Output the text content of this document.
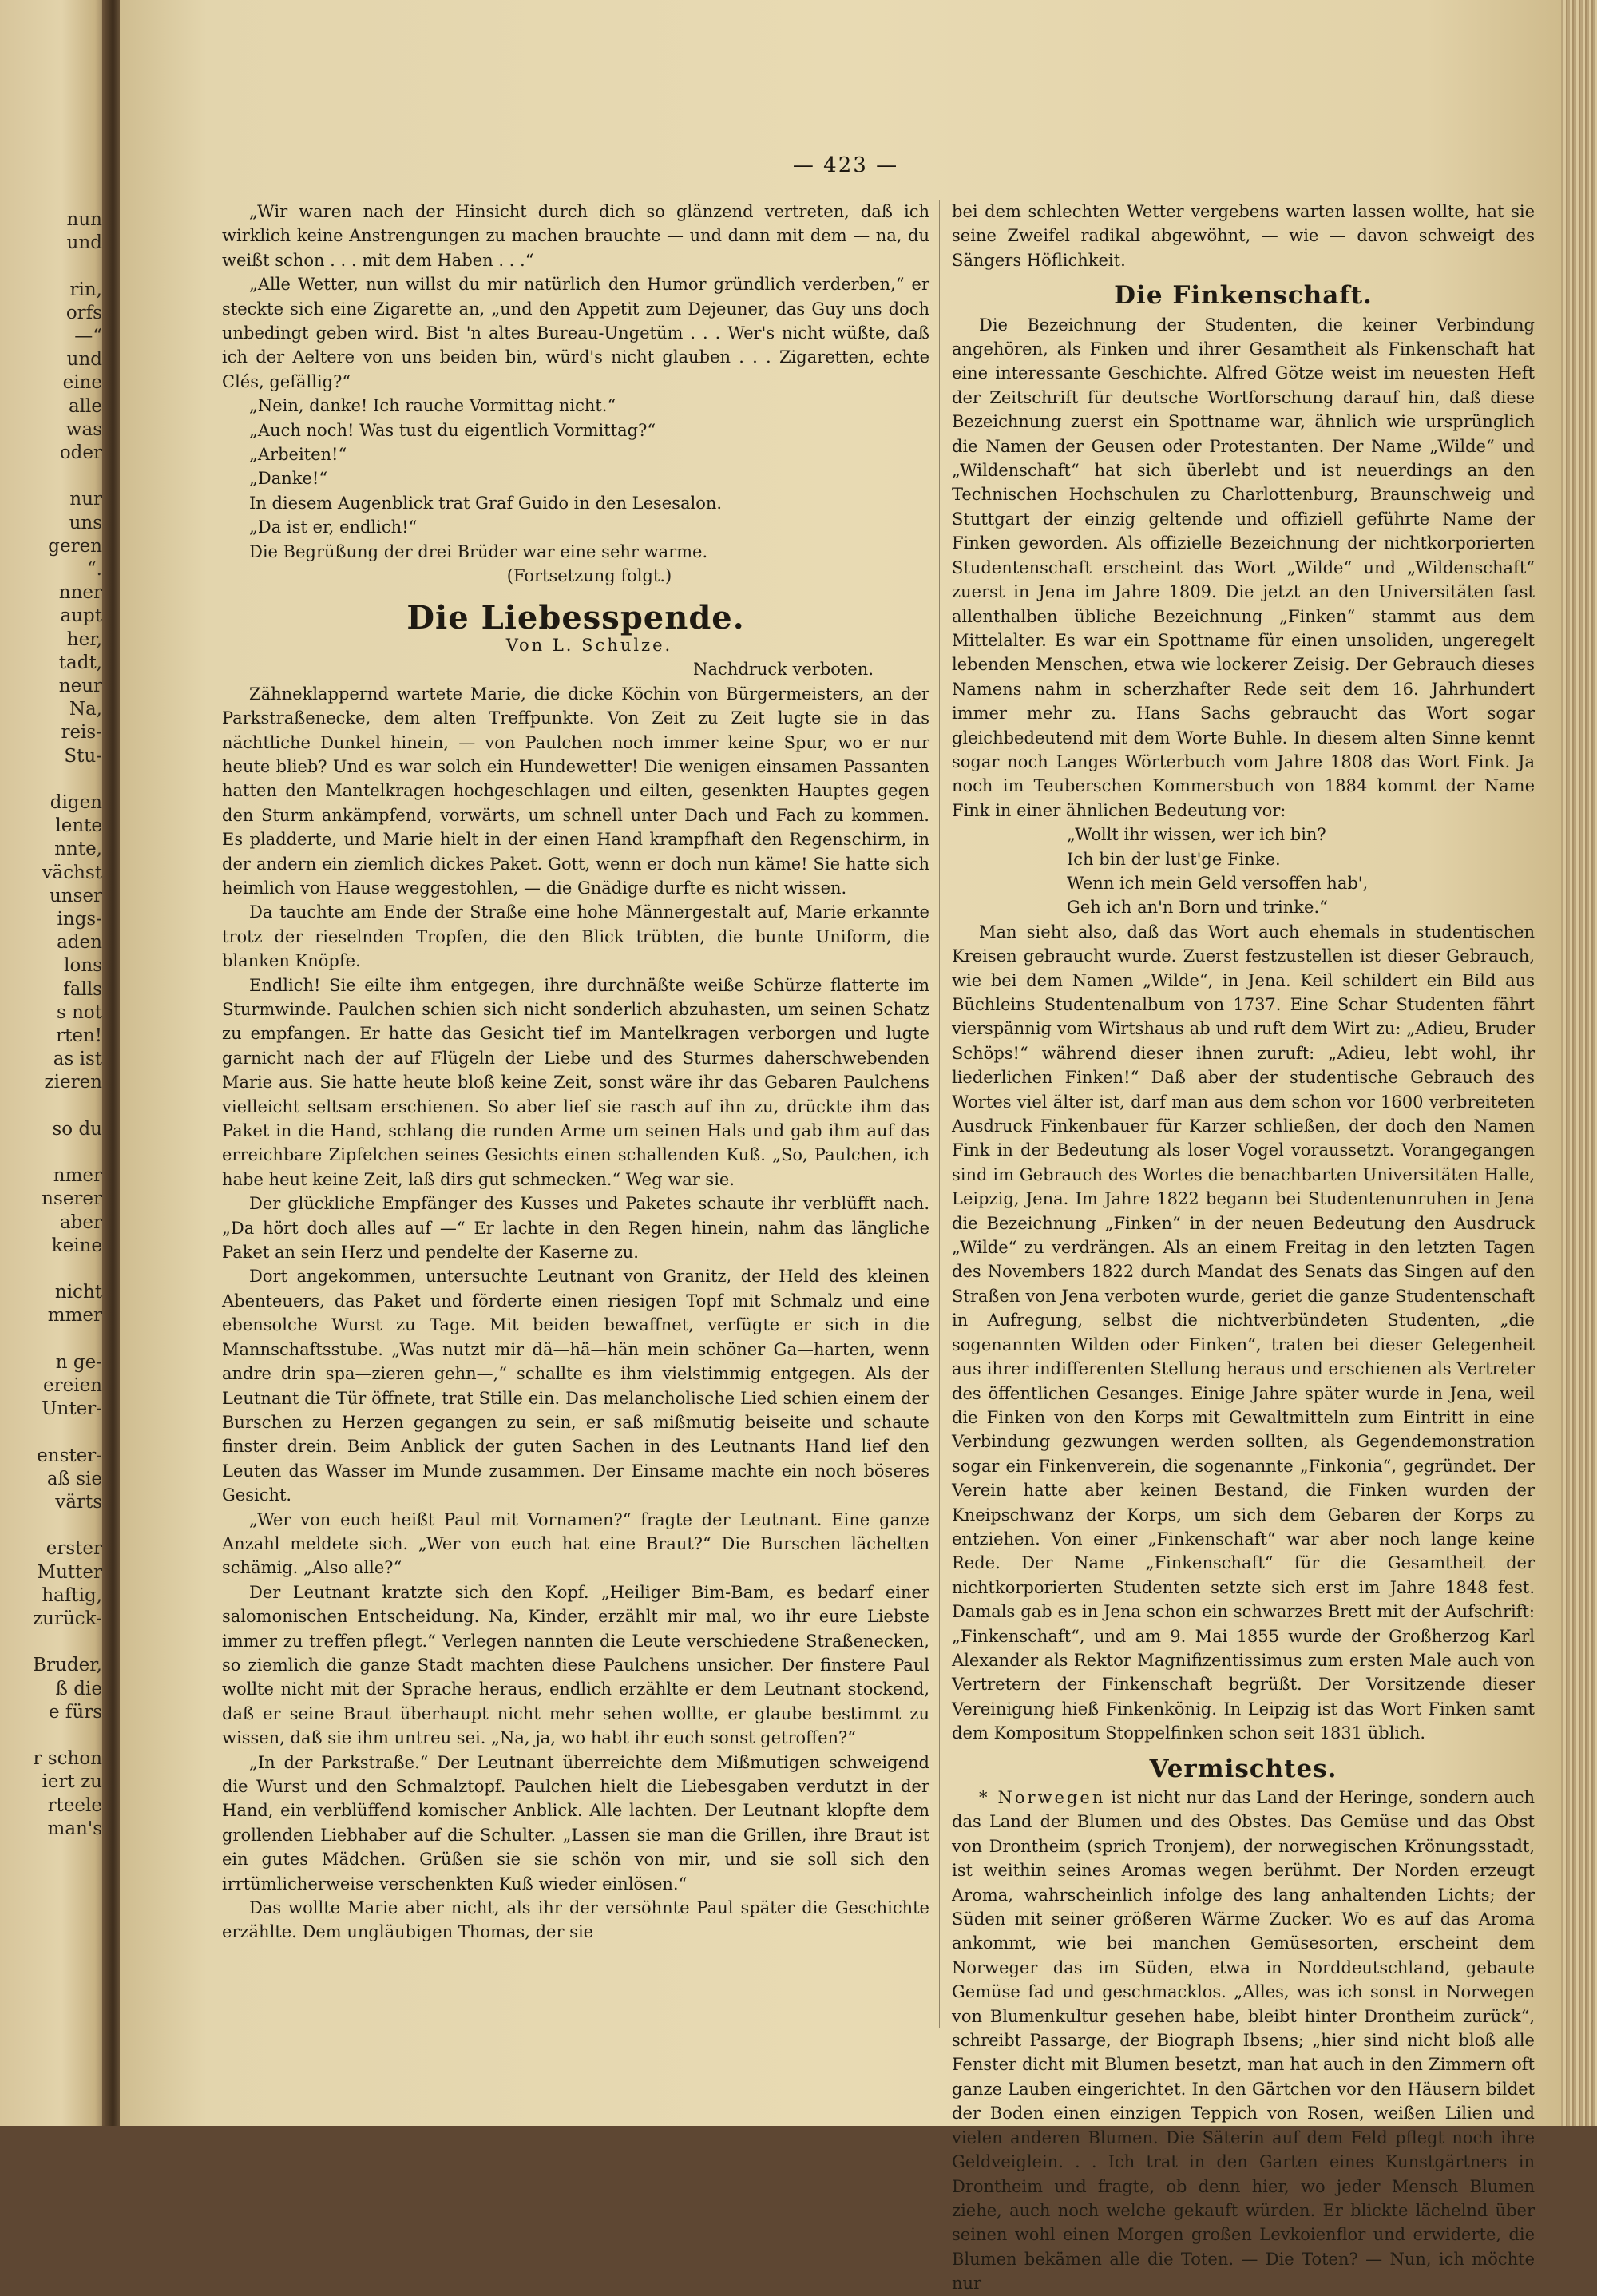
nun
und
rin,
orfs
—“
und
eine
alle
was
oder
nur
uns
geren
“.
nner
aupt
her,
tadt,
neur
Na,
reis-
Stu-
digen
lente
nnte,
vächst
unser
ings-
aden
lons
falls
s not
rten!
as ist
zieren
so du
nmer
nserer
aber
keine
nicht
mmer
n ge-
ereien
Unter-
enster-
aß sie
värts
erster
Mutter
haftig,
zurück-
Bruder,
ß die
e fürs
r schon
iert zu
rteele
man's
— 423 —

„Wir waren nach der Hinsicht durch dich so glänzend vertreten, daß ich wirklich keine Anstrengungen zu machen brauchte — und dann mit dem — na, du weißt schon . . . mit dem Haben . . .“

„Alle Wetter, nun willst du mir natürlich den Humor gründlich verderben,“ er steckte sich eine Zigarette an, „und den Appetit zum Dejeuner, das Guy uns doch unbedingt geben wird. Bist 'n altes Bureau-Ungetüm . . . Wer's nicht wüßte, daß ich der Aeltere von uns beiden bin, würd's nicht glauben . . . Zigaretten, echte Clés, gefällig?“

„Nein, danke! Ich rauche Vormittag nicht.“

„Auch noch! Was tust du eigentlich Vormittag?“

„Arbeiten!“

„Danke!“

In diesem Augenblick trat Graf Guido in den Lesesalon.

„Da ist er, endlich!“

Die Begrüßung der drei Brüder war eine sehr warme.

(Fortsetzung folgt.)

Die Liebesspende.

Von L. Schulze.

Nachdruck verboten.

Zähneklappernd wartete Marie, die dicke Köchin von Bürgermeisters, an der Parkstraßenecke, dem alten Treffpunkte. Von Zeit zu Zeit lugte sie in das nächtliche Dunkel hinein, — von Paulchen noch immer keine Spur, wo er nur heute blieb? Und es war solch ein Hundewetter! Die wenigen einsamen Passanten hatten den Mantelkragen hochgeschlagen und eilten, gesenkten Hauptes gegen den Sturm ankämpfend, vorwärts, um schnell unter Dach und Fach zu kommen. Es pladderte, und Marie hielt in der einen Hand krampfhaft den Regenschirm, in der andern ein ziemlich dickes Paket. Gott, wenn er doch nun käme! Sie hatte sich heimlich von Hause weggestohlen, — die Gnädige durfte es nicht wissen.

Da tauchte am Ende der Straße eine hohe Männergestalt auf, Marie erkannte trotz der rieselnden Tropfen, die den Blick trübten, die bunte Uniform, die blanken Knöpfe.

Endlich! Sie eilte ihm entgegen, ihre durchnäßte weiße Schürze flatterte im Sturmwinde. Paulchen schien sich nicht sonderlich abzuhasten, um seinen Schatz zu empfangen. Er hatte das Gesicht tief im Mantelkragen verborgen und lugte garnicht nach der auf Flügeln der Liebe und des Sturmes daherschwebenden Marie aus. Sie hatte heute bloß keine Zeit, sonst wäre ihr das Gebaren Paulchens vielleicht seltsam erschienen. So aber lief sie rasch auf ihn zu, drückte ihm das Paket in die Hand, schlang die runden Arme um seinen Hals und gab ihm auf das erreichbare Zipfelchen seines Gesichts einen schallenden Kuß. „So, Paulchen, ich habe heut keine Zeit, laß dirs gut schmecken.“ Weg war sie.

Der glückliche Empfänger des Kusses und Paketes schaute ihr verblüfft nach. „Da hört doch alles auf —“ Er lachte in den Regen hinein, nahm das längliche Paket an sein Herz und pendelte der Kaserne zu.

Dort angekommen, untersuchte Leutnant von Granitz, der Held des kleinen Abenteuers, das Paket und förderte einen riesigen Topf mit Schmalz und eine ebensolche Wurst zu Tage. Mit beiden bewaffnet, verfügte er sich in die Mannschaftsstube. „Was nutzt mir dä—hä—hän mein schöner Ga—harten, wenn andre drin spa—zieren gehn—,“ schallte es ihm vielstimmig entgegen. Als der Leutnant die Tür öffnete, trat Stille ein. Das melancholische Lied schien einem der Burschen zu Herzen gegangen zu sein, er saß mißmutig beiseite und schaute finster drein. Beim Anblick der guten Sachen in des Leutnants Hand lief den Leuten das Wasser im Munde zusammen. Der Einsame machte ein noch böseres Gesicht.

„Wer von euch heißt Paul mit Vornamen?“ fragte der Leutnant. Eine ganze Anzahl meldete sich. „Wer von euch hat eine Braut?“ Die Burschen lächelten schämig. „Also alle?“

Der Leutnant kratzte sich den Kopf. „Heiliger Bim-Bam, es bedarf einer salomonischen Entscheidung. Na, Kinder, erzählt mir mal, wo ihr eure Liebste immer zu treffen pflegt.“ Verlegen nannten die Leute verschiedene Straßenecken, so ziemlich die ganze Stadt machten diese Paulchens unsicher. Der finstere Paul wollte nicht mit der Sprache heraus, endlich erzählte er dem Leutnant stockend, daß er seine Braut überhaupt nicht mehr sehen wollte, er glaube bestimmt zu wissen, daß sie ihm untreu sei. „Na, ja, wo habt ihr euch sonst getroffen?“

„In der Parkstraße.“ Der Leutnant überreichte dem Mißmutigen schweigend die Wurst und den Schmalztopf. Paulchen hielt die Liebesgaben verdutzt in der Hand, ein verblüffend komischer Anblick. Alle lachten. Der Leutnant klopfte dem grollenden Liebhaber auf die Schulter. „Lassen sie man die Grillen, ihre Braut ist ein gutes Mädchen. Grüßen sie sie schön von mir, und sie soll sich den irrtümlicherweise verschenkten Kuß wieder einlösen.“

Das wollte Marie aber nicht, als ihr der versöhnte Paul später die Geschichte erzählte. Dem ungläubigen Thomas, der sie

bei dem schlechten Wetter vergebens warten lassen wollte, hat sie seine Zweifel radikal abgewöhnt, — wie — davon schweigt des Sängers Höflichkeit.

Die Finkenschaft.

Die Bezeichnung der Studenten, die keiner Verbindung angehören, als Finken und ihrer Gesamtheit als Finkenschaft hat eine interessante Geschichte. Alfred Götze weist im neuesten Heft der Zeitschrift für deutsche Wortforschung darauf hin, daß diese Bezeichnung zuerst ein Spottname war, ähnlich wie ursprünglich die Namen der Geusen oder Protestanten. Der Name „Wilde“ und „Wildenschaft“ hat sich überlebt und ist neuerdings an den Technischen Hochschulen zu Charlottenburg, Braunschweig und Stuttgart der einzig geltende und offiziell geführte Name der Finken geworden. Als offizielle Bezeichnung der nichtkorporierten Studentenschaft erscheint das Wort „Wilde“ und „Wildenschaft“ zuerst in Jena im Jahre 1809. Die jetzt an den Universitäten fast allenthalben übliche Bezeichnung „Finken“ stammt aus dem Mittelalter. Es war ein Spottname für einen unsoliden, ungeregelt lebenden Menschen, etwa wie lockerer Zeisig. Der Gebrauch dieses Namens nahm in scherzhafter Rede seit dem 16. Jahrhundert immer mehr zu. Hans Sachs gebraucht das Wort sogar gleichbedeutend mit dem Worte Buhle. In diesem alten Sinne kennt sogar noch Langes Wörterbuch vom Jahre 1808 das Wort Fink. Ja noch im Teuberschen Kommersbuch von 1884 kommt der Name Fink in einer ähnlichen Bedeutung vor:

„Wollt ihr wissen, wer ich bin?

Ich bin der lust'ge Finke.

Wenn ich mein Geld versoffen hab',

Geh ich an'n Born und trinke.“

Man sieht also, daß das Wort auch ehemals in studentischen Kreisen gebraucht wurde. Zuerst festzustellen ist dieser Gebrauch, wie bei dem Namen „Wilde“, in Jena. Keil schildert ein Bild aus Büchleins Studentenalbum von 1737. Eine Schar Studenten fährt vierspännig vom Wirtshaus ab und ruft dem Wirt zu: „Adieu, Bruder Schöps!“ während dieser ihnen zuruft: „Adieu, lebt wohl, ihr liederlichen Finken!“ Daß aber der studentische Gebrauch des Wortes viel älter ist, darf man aus dem schon vor 1600 verbreiteten Ausdruck Finkenbauer für Karzer schließen, der doch den Namen Fink in der Bedeutung als loser Vogel voraussetzt. Vorangegangen sind im Gebrauch des Wortes die benachbarten Universitäten Halle, Leipzig, Jena. Im Jahre 1822 begann bei Studentenunruhen in Jena die Bezeichnung „Finken“ in der neuen Bedeutung den Ausdruck „Wilde“ zu verdrängen. Als an einem Freitag in den letzten Tagen des Novembers 1822 durch Mandat des Senats das Singen auf den Straßen von Jena verboten wurde, geriet die ganze Studentenschaft in Aufregung, selbst die nichtverbündeten Studenten, „die sogenannten Wilden oder Finken“, traten bei dieser Gelegenheit aus ihrer indifferenten Stellung heraus und erschienen als Vertreter des öffentlichen Gesanges. Einige Jahre später wurde in Jena, weil die Finken von den Korps mit Gewaltmitteln zum Eintritt in eine Verbindung gezwungen werden sollten, als Gegendemonstration sogar ein Finkenverein, die sogenannte „Finkonia“, gegründet. Der Verein hatte aber keinen Bestand, die Finken wurden der Kneipschwanz der Korps, um sich dem Gebaren der Korps zu entziehen. Von einer „Finkenschaft“ war aber noch lange keine Rede. Der Name „Finkenschaft“ für die Gesamtheit der nichtkorporierten Studenten setzte sich erst im Jahre 1848 fest. Damals gab es in Jena schon ein schwarzes Brett mit der Aufschrift: „Finkenschaft“, und am 9. Mai 1855 wurde der Großherzog Karl Alexander als Rektor Magnifizentissimus zum ersten Male auch von Vertretern der Finkenschaft begrüßt. Der Vorsitzende dieser Vereinigung hieß Finkenkönig. In Leipzig ist das Wort Finken samt dem Kompositum Stoppelfinken schon seit 1831 üblich.

Vermischtes.

* Norwegen ist nicht nur das Land der Heringe, sondern auch das Land der Blumen und des Obstes. Das Gemüse und das Obst von Drontheim (sprich Tronjem), der norwegischen Krönungsstadt, ist weithin seines Aromas wegen berühmt. Der Norden erzeugt Aroma, wahrscheinlich infolge des lang anhaltenden Lichts; der Süden mit seiner größeren Wärme Zucker. Wo es auf das Aroma ankommt, wie bei manchen Gemüsesorten, erscheint dem Norweger das im Süden, etwa in Norddeutschland, gebaute Gemüse fad und geschmacklos. „Alles, was ich sonst in Norwegen von Blumenkultur gesehen habe, bleibt hinter Drontheim zurück“, schreibt Passarge, der Biograph Ibsens; „hier sind nicht bloß alle Fenster dicht mit Blumen besetzt, man hat auch in den Zimmern oft ganze Lauben eingerichtet. In den Gärtchen vor den Häusern bildet der Boden einen einzigen Teppich von Rosen, weißen Lilien und vielen anderen Blumen. Die Säterin auf dem Feld pflegt noch ihre Geldveiglein. . . Ich trat in den Garten eines Kunstgärtners in Drontheim und fragte, ob denn hier, wo jeder Mensch Blumen ziehe, auch noch welche gekauft würden. Er blickte lächelnd über seinen wohl einen Morgen großen Levkoienflor und erwiderte, die Blumen bekämen alle die Toten. — Die Toten? — Nun, ich möchte nur
